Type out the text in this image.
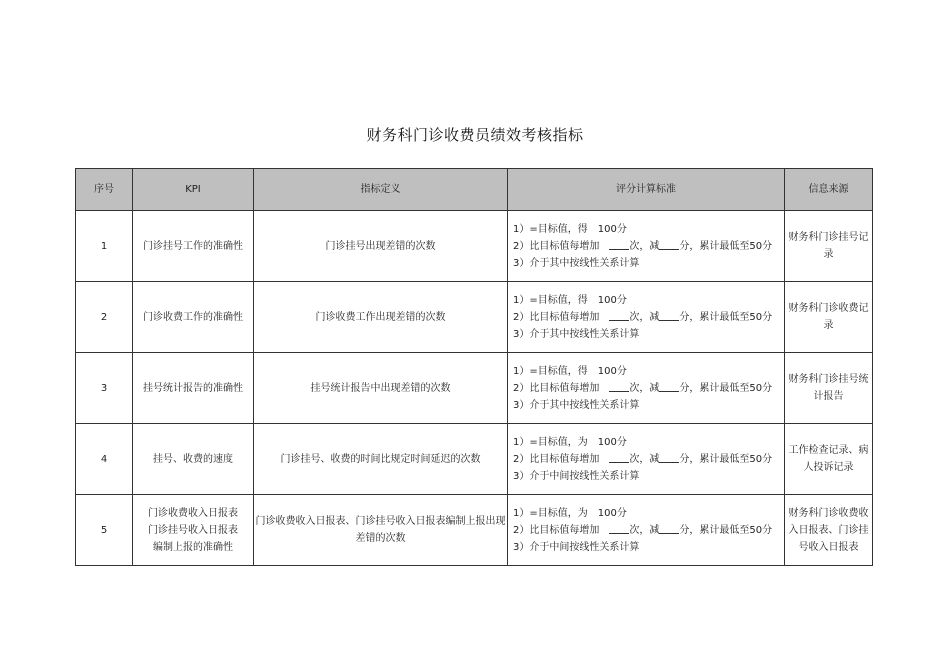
财务科门诊收费员绩效考核指标
序号	KPI	指标定义	评分计算标准	信息来源
1	门诊挂号工作的准确性	门诊挂号出现差错的次数	1）=目标值，得　100分
2）比目标值每增加　次，减 分，累计最低至50分
3）介于其中按线性关系计算	财务科门诊挂号记录
2	门诊收费工作的准确性	门诊收费工作出现差错的次数	1）=目标值，得　100分
2）比目标值每增加　次，减 分，累计最低至50分
3）介于其中按线性关系计算	财务科门诊收费记录
3	挂号统计报告的准确性	挂号统计报告中出现差错的次数	1）=目标值，得　100分
2）比目标值每增加　次，减 分，累计最低至50分
3）介于其中按线性关系计算	财务科门诊挂号统计报告
4	挂号、收费的速度	门诊挂号、收费的时间比规定时间延迟的次数	1）=目标值，为　100分
2）比目标值每增加　次，减 分，累计最低至50分
3）介于中间按线性关系计算	工作检查记录、病人投诉记录
5	门诊收费收入日报表
门诊挂号收入日报表
编制上报的准确性	门诊收费收入日报表、门诊挂号收入日报表编制上报出现差错的次数	1）=目标值，为　100分
2）比目标值每增加　次，减 分，累计最低至50分
3）介于中间按线性关系计算	财务科门诊收费收入日报表、门诊挂号收入日报表
